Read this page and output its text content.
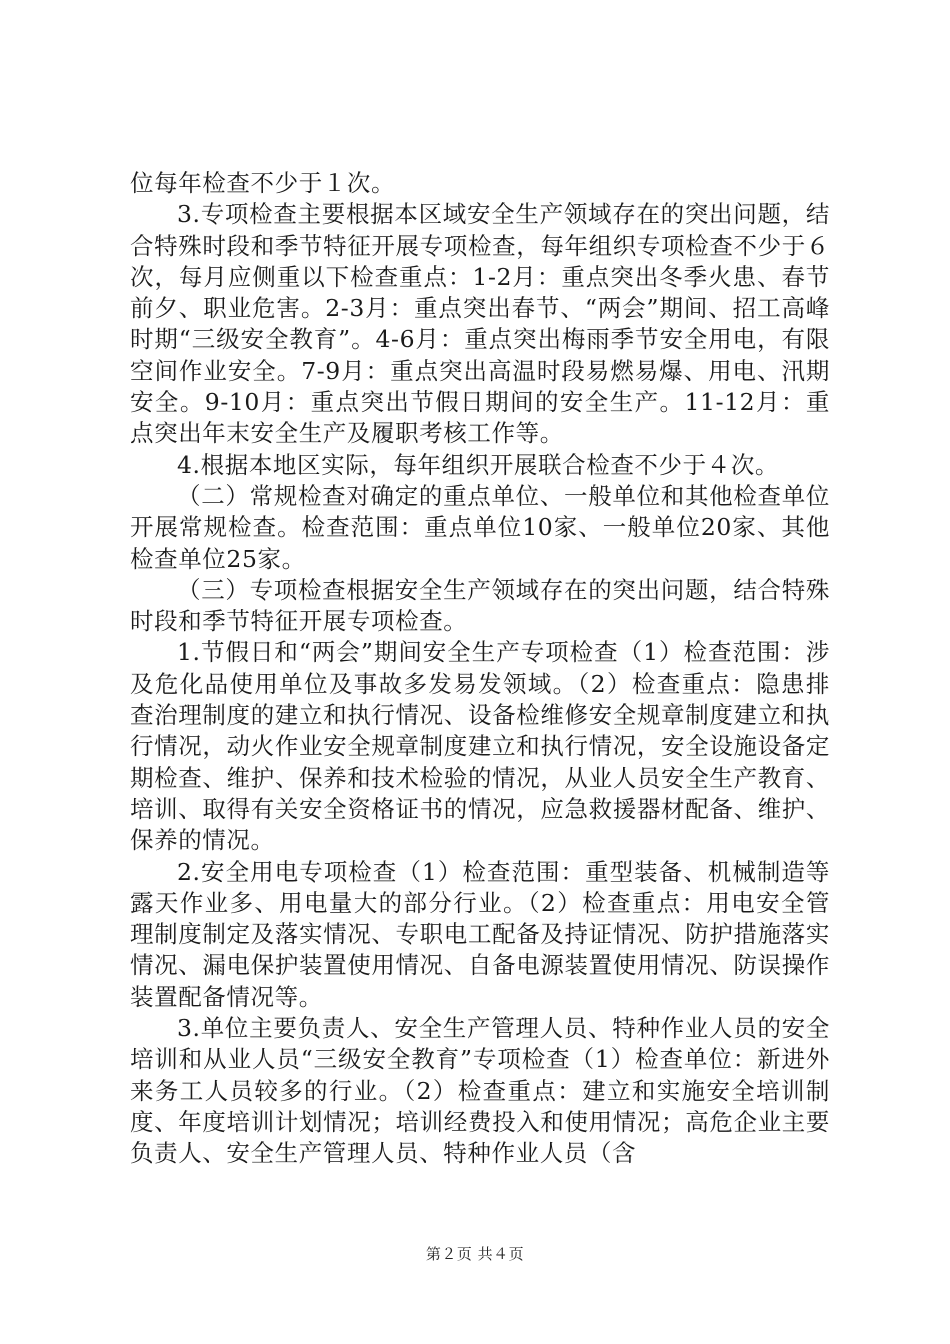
位每年检查不少于１次。

3.专项检查主要根据本区域安全生产领域存在的突出问题，结合特殊时段和季节特征开展专项检查，每年组织专项检查不少于６次，每月应侧重以下检查重点：1-2月：重点突出冬季火患、春节前夕、职业危害。2-3月：重点突出春节、“两会”期间、招工高峰时期“三级安全教育”。4-6月：重点突出梅雨季节安全用电，有限空间作业安全。7-9月：重点突出高温时段易燃易爆、用电、汛期安全。9-10月：重点突出节假日期间的安全生产。11-12月：重点突出年末安全生产及履职考核工作等。

4.根据本地区实际，每年组织开展联合检查不少于４次。

（二）常规检查对确定的重点单位、一般单位和其他检查单位开展常规检查。检查范围：重点单位10家、一般单位20家、其他检查单位25家。

（三）专项检查根据安全生产领域存在的突出问题，结合特殊时段和季节特征开展专项检查。

1.节假日和“两会”期间安全生产专项检查（1）检查范围：涉及危化品使用单位及事故多发易发领域。（2）检查重点：隐患排查治理制度的建立和执行情况、设备检维修安全规章制度建立和执行情况，动火作业安全规章制度建立和执行情况，安全设施设备定期检查、维护、保养和技术检验的情况，从业人员安全生产教育、培训、取得有关安全资格证书的情况，应急救援器材配备、维护、保养的情况。

2.安全用电专项检查（1）检查范围：重型装备、机械制造等露天作业多、用电量大的部分行业。（2）检查重点：用电安全管理制度制定及落实情况、专职电工配备及持证情况、防护措施落实情况、漏电保护装置使用情况、自备电源装置使用情况、防误操作装置配备情况等。

3.单位主要负责人、安全生产管理人员、特种作业人员的安全培训和从业人员“三级安全教育”专项检查（1）检查单位：新进外来务工人员较多的行业。（2）检查重点：建立和实施安全培训制度、年度培训计划情况；培训经费投入和使用情况；高危企业主要负责人、安全生产管理人员、特种作业人员（含

第２页 共４页
